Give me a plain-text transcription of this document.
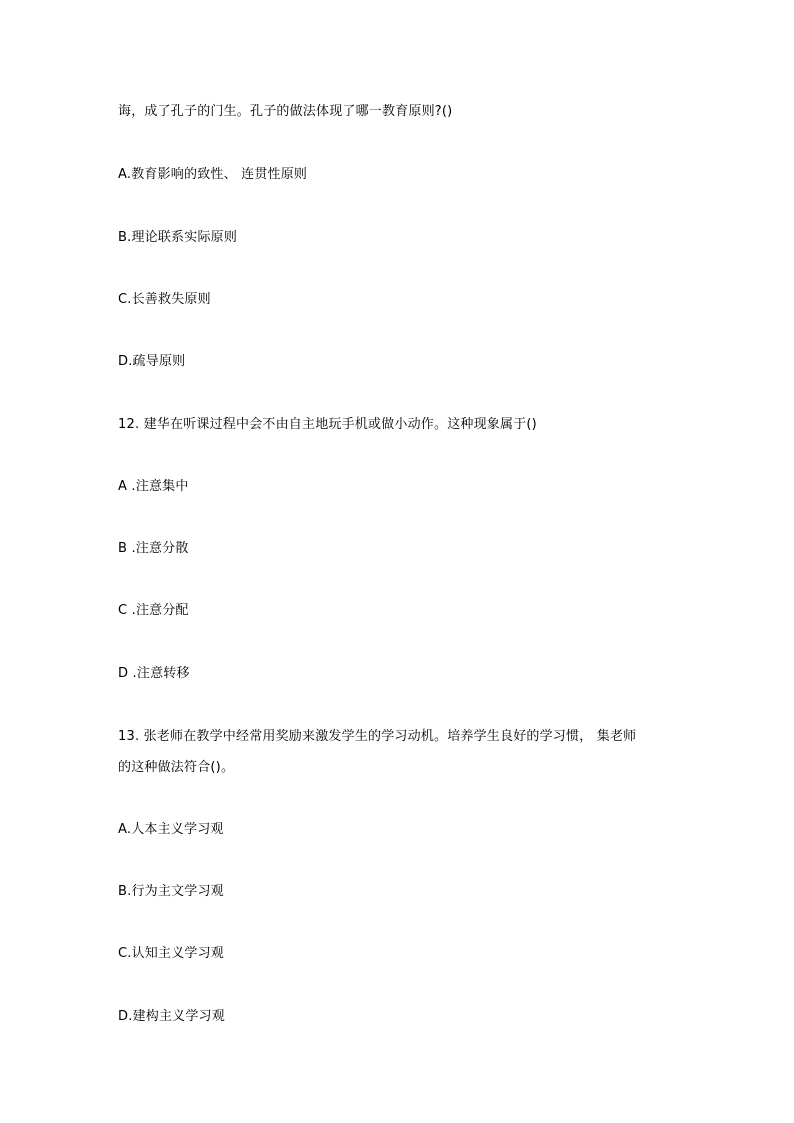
诲，成了孔子的门生。孔子的做法体现了哪一教育原则?()
A.教育影响的致性、 连贯性原则
B.理论联系实际原则
C.长善救失原则
D.疏导原则
12. 建华在听课过程中会不由自主地玩手机或做小动作。这种现象属于()
A .注意集中
B .注意分散
C .注意分配
D .注意转移
13. 张老师在教学中经常用奖励来激发学生的学习动机。培养学生良好的学习惯， 集老师
的这种做法符合()。
A.人本主义学习观
B.行为主文学习观
C.认知主义学习观
D.建构主义学习观
